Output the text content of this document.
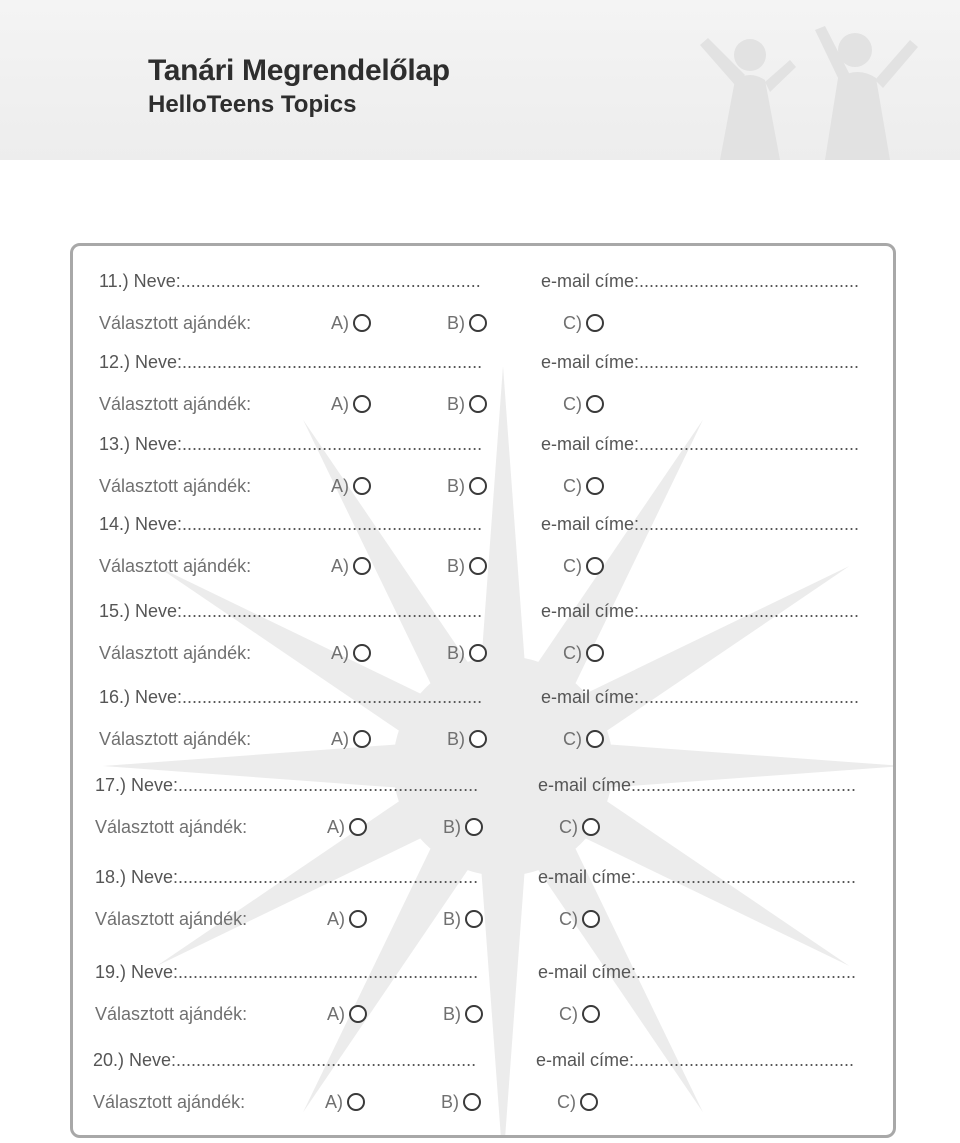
Tanári Megrendelőlap
HelloTeens Topics
11.) Neve:............................................................	e-mail címe:............................................
Választott ajándék:	A)	B)	C)
12.) Neve:............................................................	e-mail címe:............................................
Választott ajándék:	A)	B)	C)
13.) Neve:............................................................	e-mail címe:............................................
Választott ajándék:	A)	B)	C)
14.) Neve:............................................................	e-mail címe:............................................
Választott ajándék:	A)	B)	C)
15.) Neve:............................................................	e-mail címe:............................................
Választott ajándék:	A)	B)	C)
16.) Neve:............................................................	e-mail címe:............................................
Választott ajándék:	A)	B)	C)
17.) Neve:............................................................	e-mail címe:............................................
Választott ajándék:	A)	B)	C)
18.) Neve:............................................................	e-mail címe:............................................
Választott ajándék:	A)	B)	C)
19.) Neve:............................................................	e-mail címe:............................................
Választott ajándék:	A)	B)	C)
20.) Neve:............................................................	e-mail címe:............................................
Választott ajándék:	A)	B)	C)
